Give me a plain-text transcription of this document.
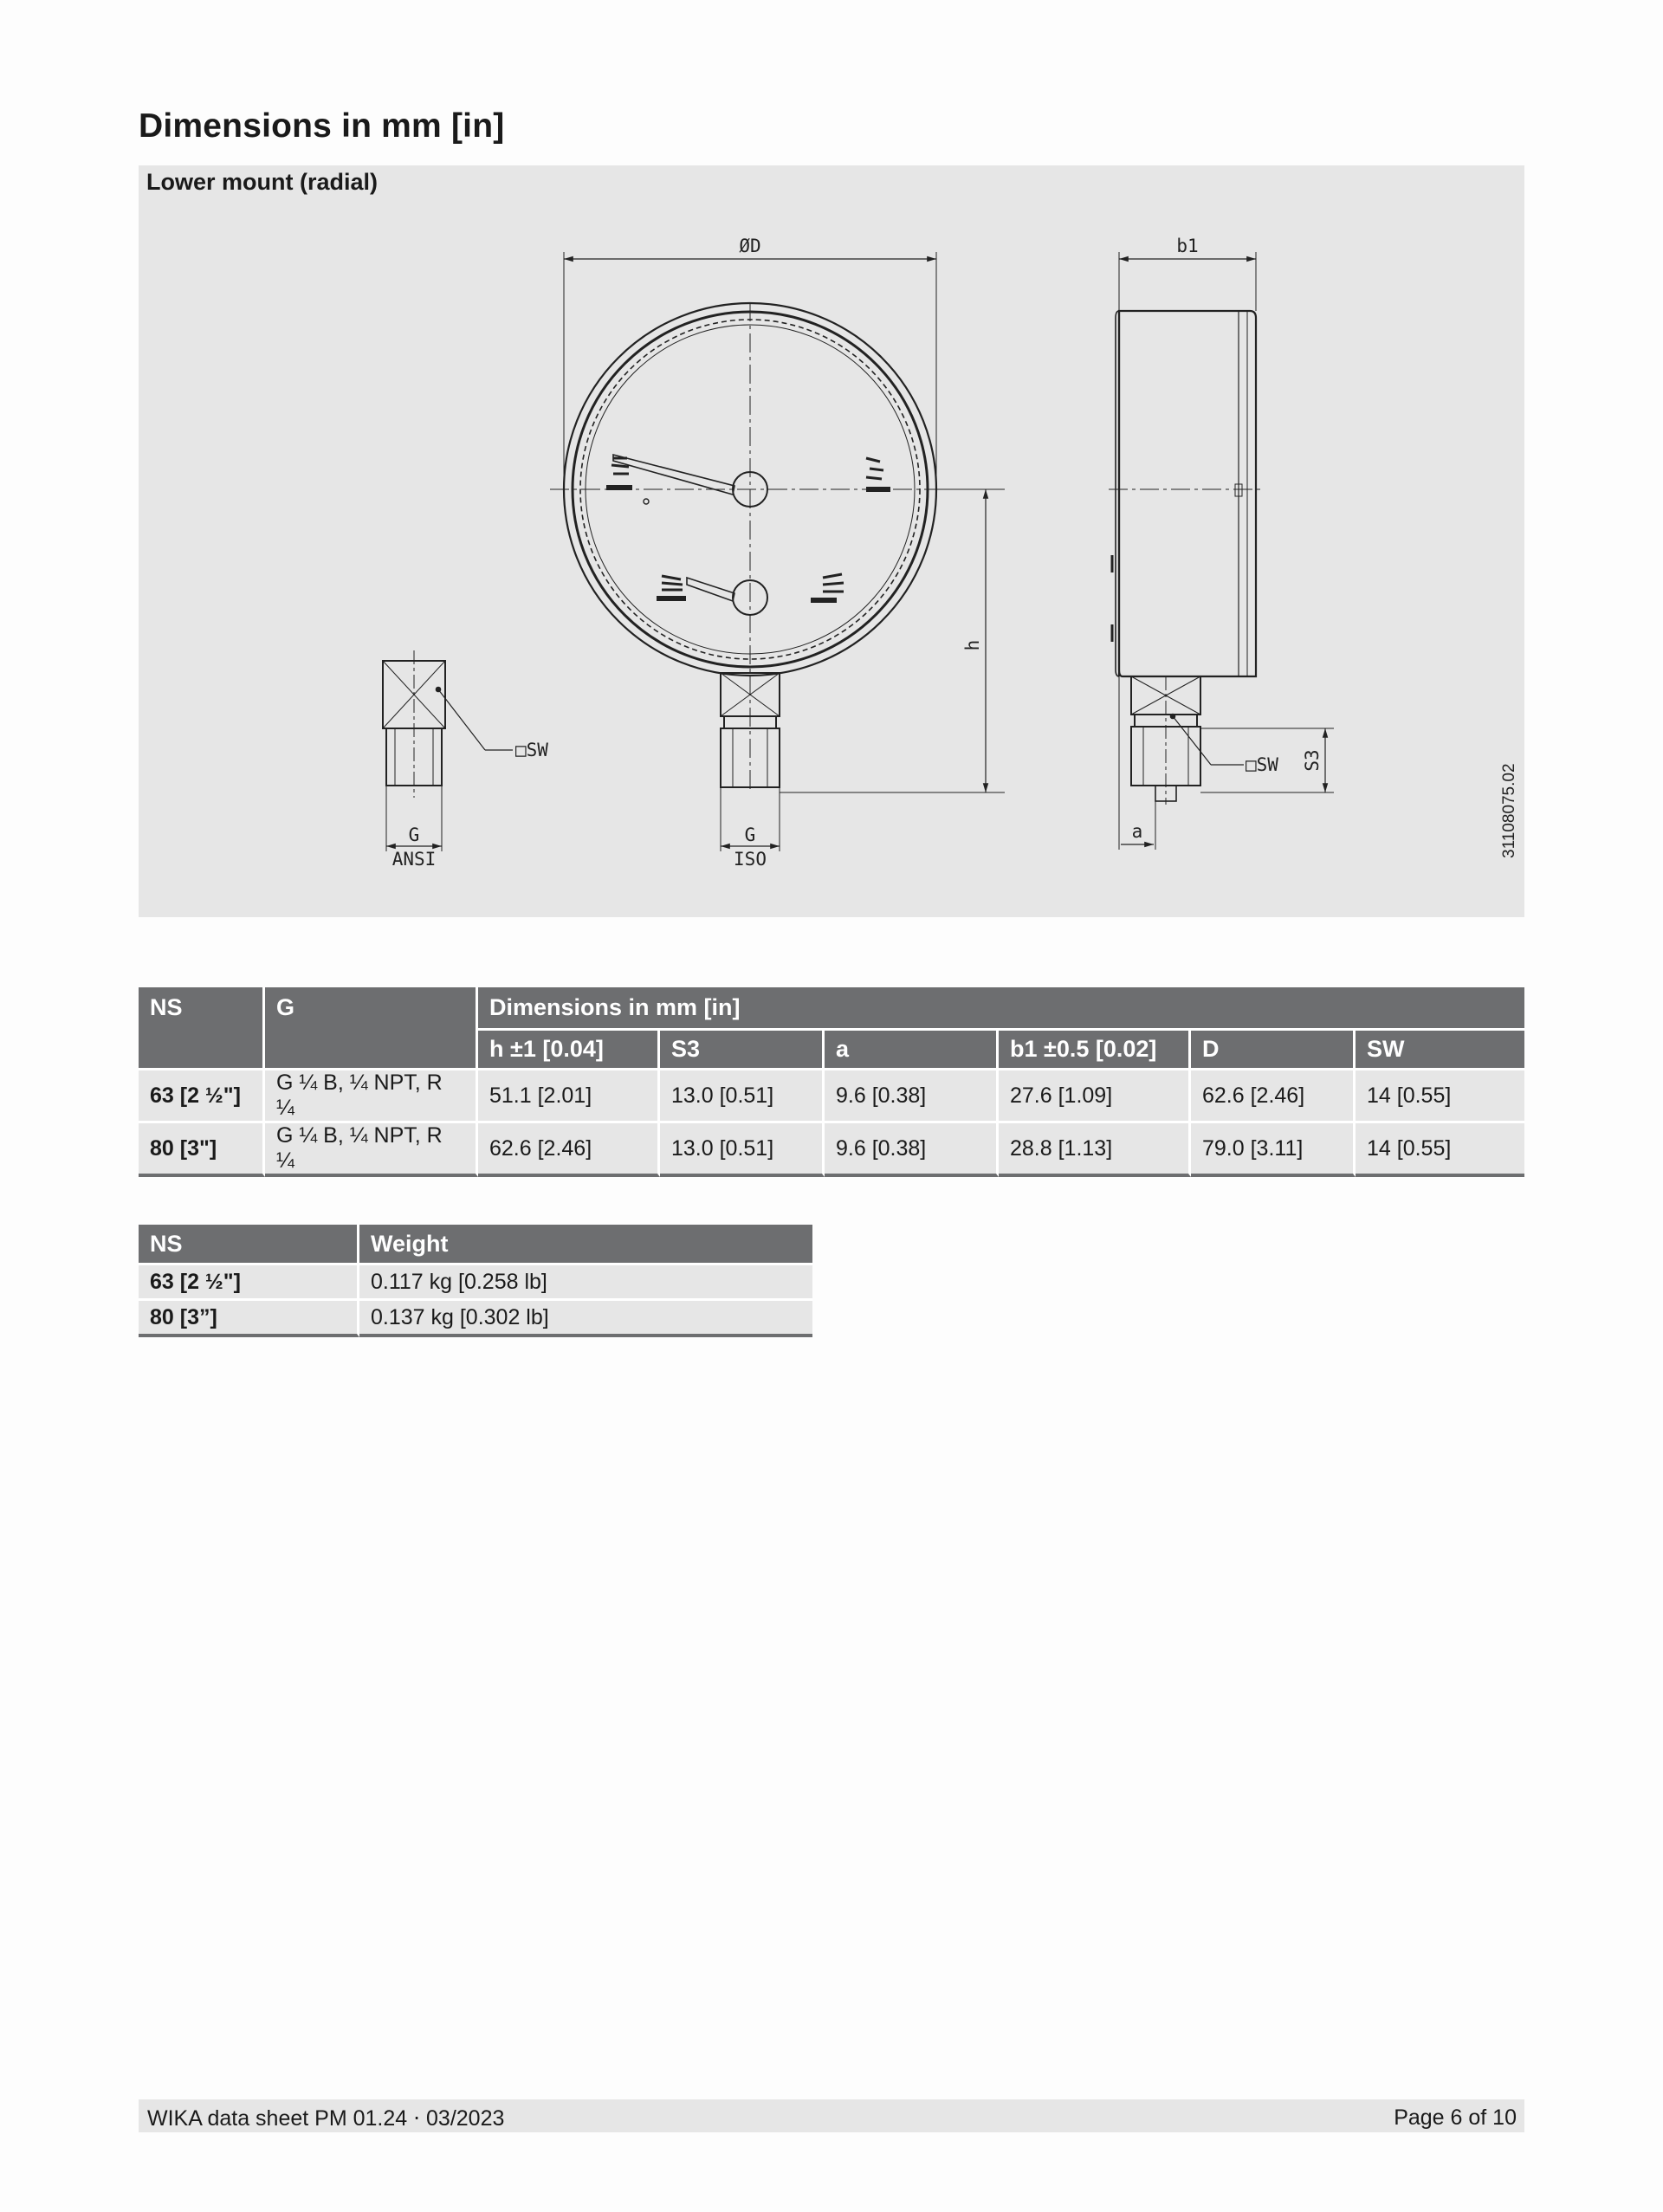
Dimensions in mm [in]
Lower mount (radial)
ØD	b1
h
□SW
□SW S3
G
ANSI
G
ISO
a	31108075.02
NS	G	Dimensions in mm [in]					
		h ±1 [0.04]	S3	a	b1 ±0.5 [0.02]	D	SW
63 [2 ½"]	G ¼ B, ¼ NPT, R ¼	51.1 [2.01]	13.0 [0.51]	9.6 [0.38]	27.6 [1.09]	62.6 [2.46]	14 [0.55]
80 [3"]	G ¼ B, ¼ NPT, R ¼	62.6 [2.46]	13.0 [0.51]	9.6 [0.38]	28.8 [1.13]	79.0 [3.11]	14 [0.55]
NS	Weight
63 [2 ½"]	0.117 kg [0.258 lb]
80 [3”]	0.137 kg [0.302 lb]
WIKA data sheet PM 01.24 ⋅ 03/2023	Page 6 of 10
